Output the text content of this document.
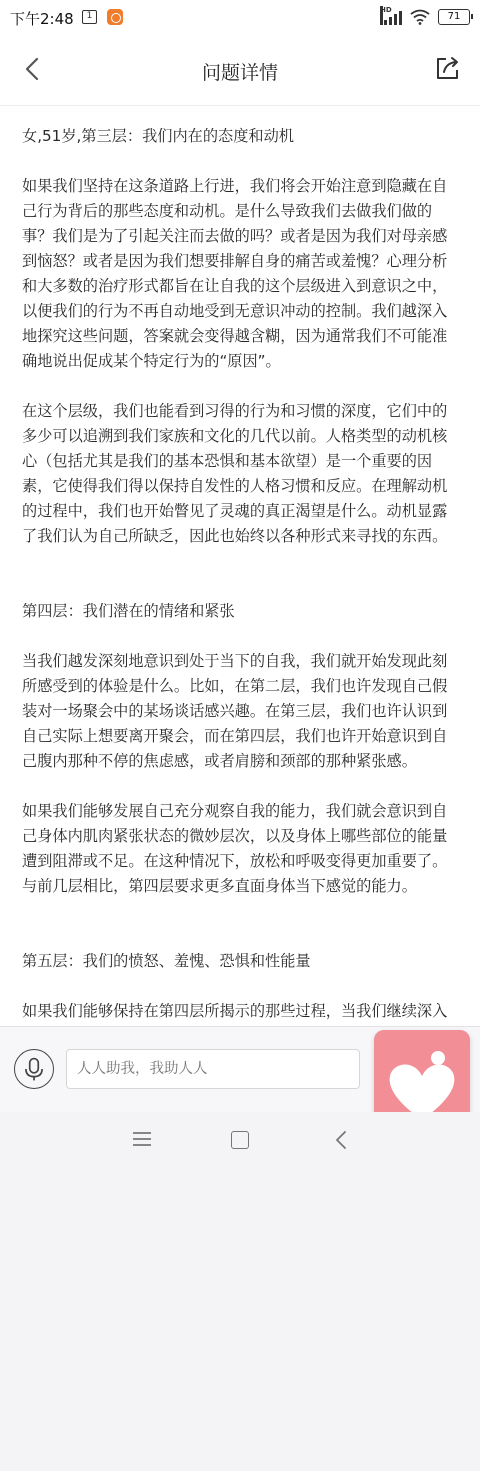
下午2:48	1
HD
71
问题详情

女,51岁,第三层：我们内在的态度和动机

如果我们坚持在这条道路上行进，我们将会开始注意到隐藏在自己行为背后的那些态度和动机。是什么导致我们去做我们做的事？我们是为了引起关注而去做的吗？或者是因为我们对母亲感到恼怒？或者是因为我们想要排解自身的痛苦或羞愧？心理分析和大多数的治疗形式都旨在让自我的这个层级进入到意识之中，以便我们的行为不再自动地受到无意识冲动的控制。我们越深入地探究这些问题，答案就会变得越含糊，因为通常我们不可能准确地说出促成某个特定行为的“原因”。

在这个层级，我们也能看到习得的行为和习惯的深度，它们中的多少可以追溯到我们家族和文化的几代以前。人格类型的动机核心（包括尤其是我们的基本恐惧和基本欲望）是一个重要的因素，它使得我们得以保持自发性的人格习惯和反应。在理解动机的过程中，我们也开始瞥见了灵魂的真正渴望是什么。动机显露了我们认为自己所缺乏，因此也始终以各种形式来寻找的东西。

第四层：我们潜在的情绪和紧张

当我们越发深刻地意识到处于当下的自我，我们就开始发现此刻所感受到的体验是什么。比如，在第二层，我们也许发现自己假装对一场聚会中的某场谈话感兴趣。在第三层，我们也许认识到自己实际上想要离开聚会，而在第四层，我们也许开始意识到自己腹内那种不停的焦虑感，或者肩膀和颈部的那种紧张感。

如果我们能够发展自己充分观察自我的能力，我们就会意识到自己身体内肌肉紧张状态的微妙层次，以及身体上哪些部位的能量遭到阻滞或不足。在这种情况下，放松和呼吸变得更加重要了。与前几层相比，第四层要求更多直面身体当下感觉的能力。

第五层：我们的愤怒、羞愧、恐惧和性能量

如果我们能够保持在第四层所揭示的那些过程，当我们继续深入

人人助我，我助人人
